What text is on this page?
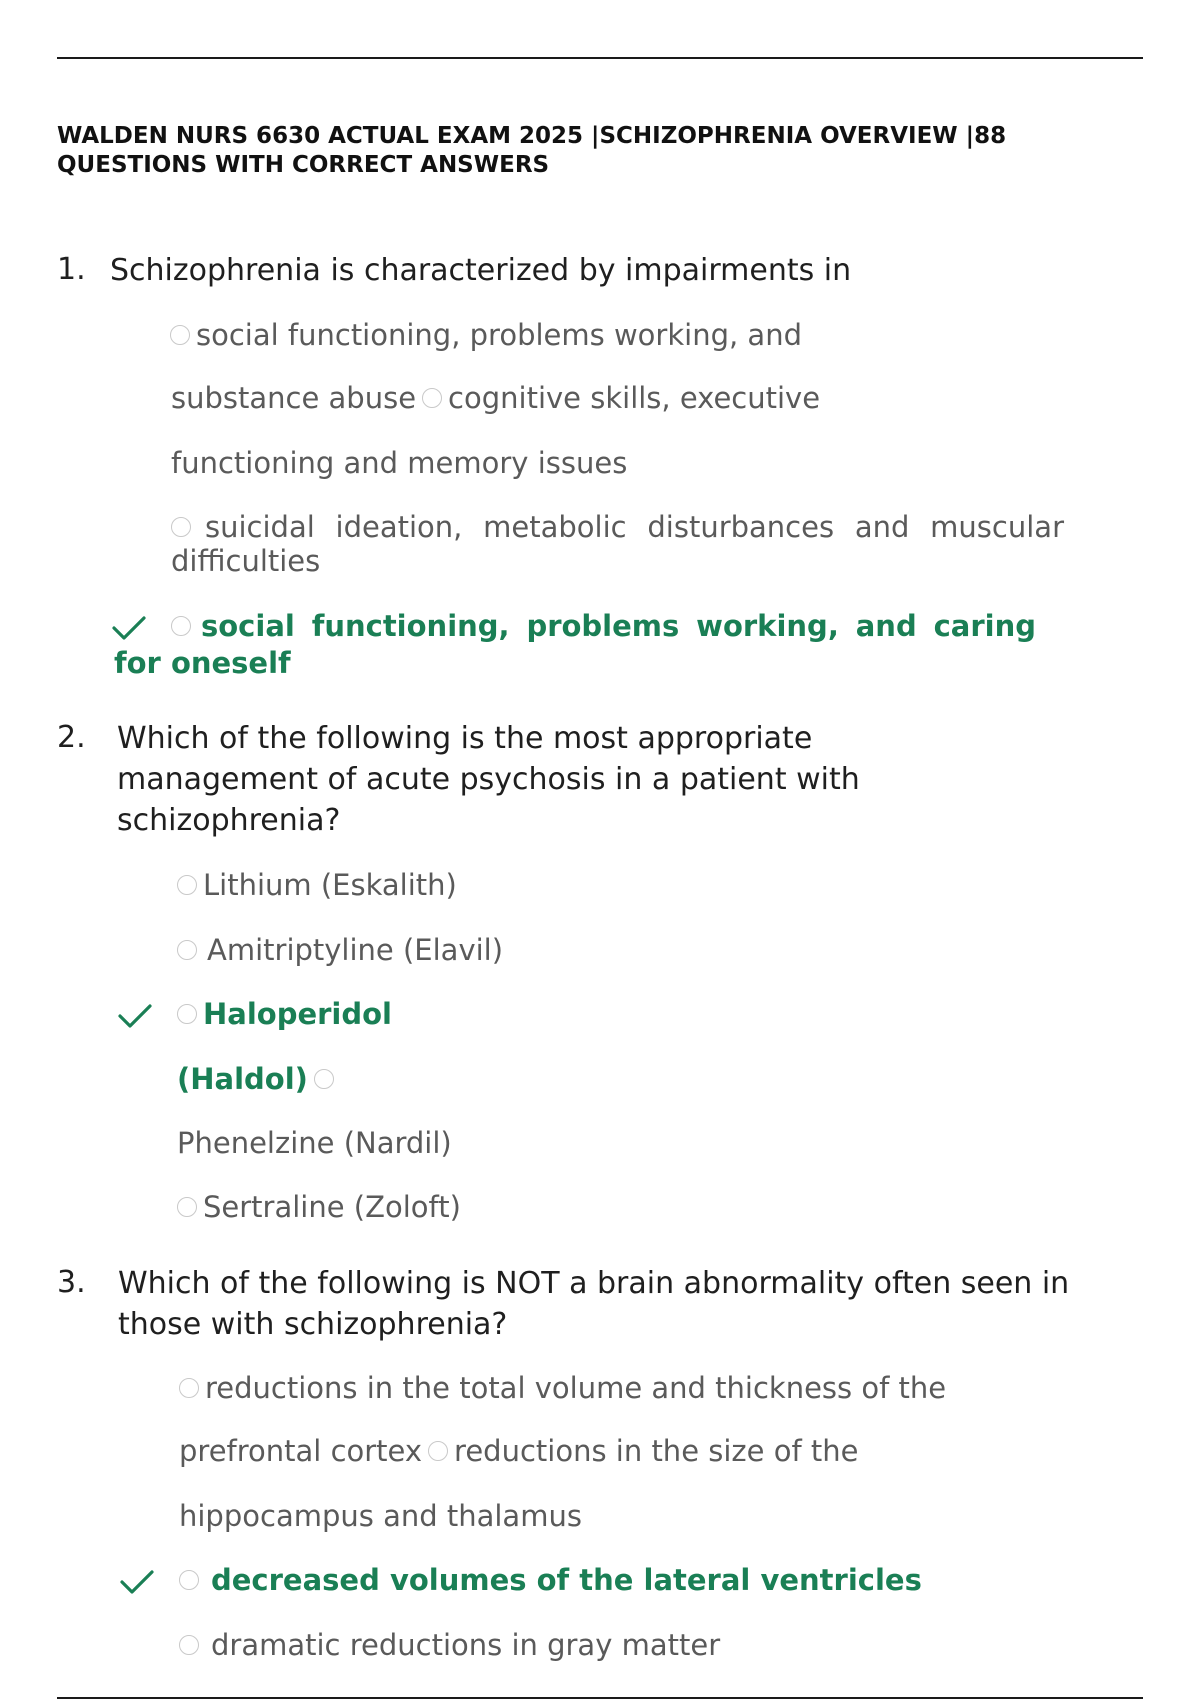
WALDEN NURS 6630 ACTUAL EXAM 2025 |SCHIZOPHRENIA OVERVIEW |88 QUESTIONS WITH CORRECT ANSWERS
1. Schizophrenia is characterized by impairments in
social functioning, problems working, and
substance abuse cognitive skills, executive
functioning and memory issues
suicidal ideation, metabolic disturbances and muscular difficulties
social functioning, problems working, and caring for oneself
2. Which of the following is the most appropriate
management of acute psychosis in a patient with
schizophrenia?
Lithium (Eskalith)
Amitriptyline (Elavil)
Haloperidol
(Haldol)
Phenelzine (Nardil)
Sertraline (Zoloft)
3. Which of the following is NOT a brain abnormality often seen in
those with schizophrenia?
reductions in the total volume and thickness of the
prefrontal cortex reductions in the size of the
hippocampus and thalamus
decreased volumes of the lateral ventricles
dramatic reductions in gray matter
